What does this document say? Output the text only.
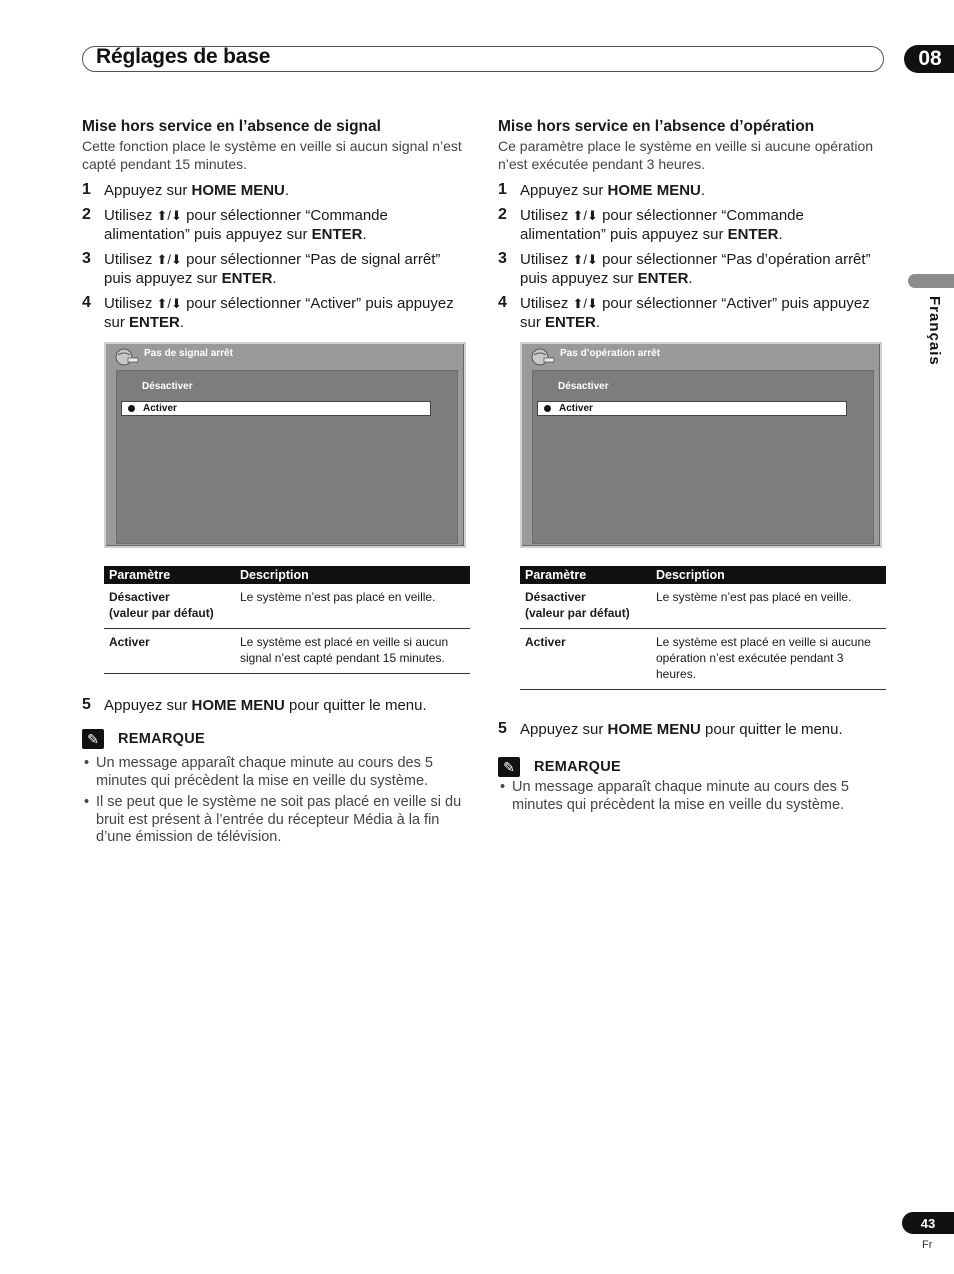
Réglages de base	08
Français
Mise hors service en l’absence de signal

Cette fonction place le système en veille si aucun signal n’est capté pendant 15 minutes.

1 Appuyez sur HOME MENU.
2 Utilisez ⬆/⬇ pour sélectionner “Commande alimentation” puis appuyez sur ENTER.
3 Utilisez ⬆/⬇ pour sélectionner “Pas de signal arrêt” puis appuyez sur ENTER.
4 Utilisez ⬆/⬇ pour sélectionner “Activer” puis appuyez sur ENTER.
Pas de signal arrêt
Désactiver
Activer
Paramètre	Description
Désactiver
(valeur par défaut)	Le système n’est pas placé en veille.
Activer	Le système est placé en veille si aucun signal n’est capté pendant 15 minutes.
5 Appuyez sur HOME MENU pour quitter le menu.
✎	REMARQUE
• Un message apparaît chaque minute au cours des 5 minutes qui précèdent la mise en veille du système.
• Il se peut que le système ne soit pas placé en veille si du bruit est présent à l’entrée du récepteur Média à la fin d’une émission de télévision.
Mise hors service en l’absence d’opération

Ce paramètre place le système en veille si aucune opération n’est exécutée pendant 3 heures.

1 Appuyez sur HOME MENU.
2 Utilisez ⬆/⬇ pour sélectionner “Commande alimentation” puis appuyez sur ENTER.
3 Utilisez ⬆/⬇ pour sélectionner “Pas d’opération arrêt” puis appuyez sur ENTER.
4 Utilisez ⬆/⬇ pour sélectionner “Activer” puis appuyez sur ENTER.
Pas d’opération arrêt
Désactiver
Activer
Paramètre	Description
Désactiver
(valeur par défaut)	Le système n’est pas placé en veille.
Activer	Le système est placé en veille si aucune opération n’est exécutée pendant 3 heures.
5 Appuyez sur HOME MENU pour quitter le menu.
✎	REMARQUE
• Un message apparaît chaque minute au cours des 5 minutes qui précèdent la mise en veille du système.
43
Fr
